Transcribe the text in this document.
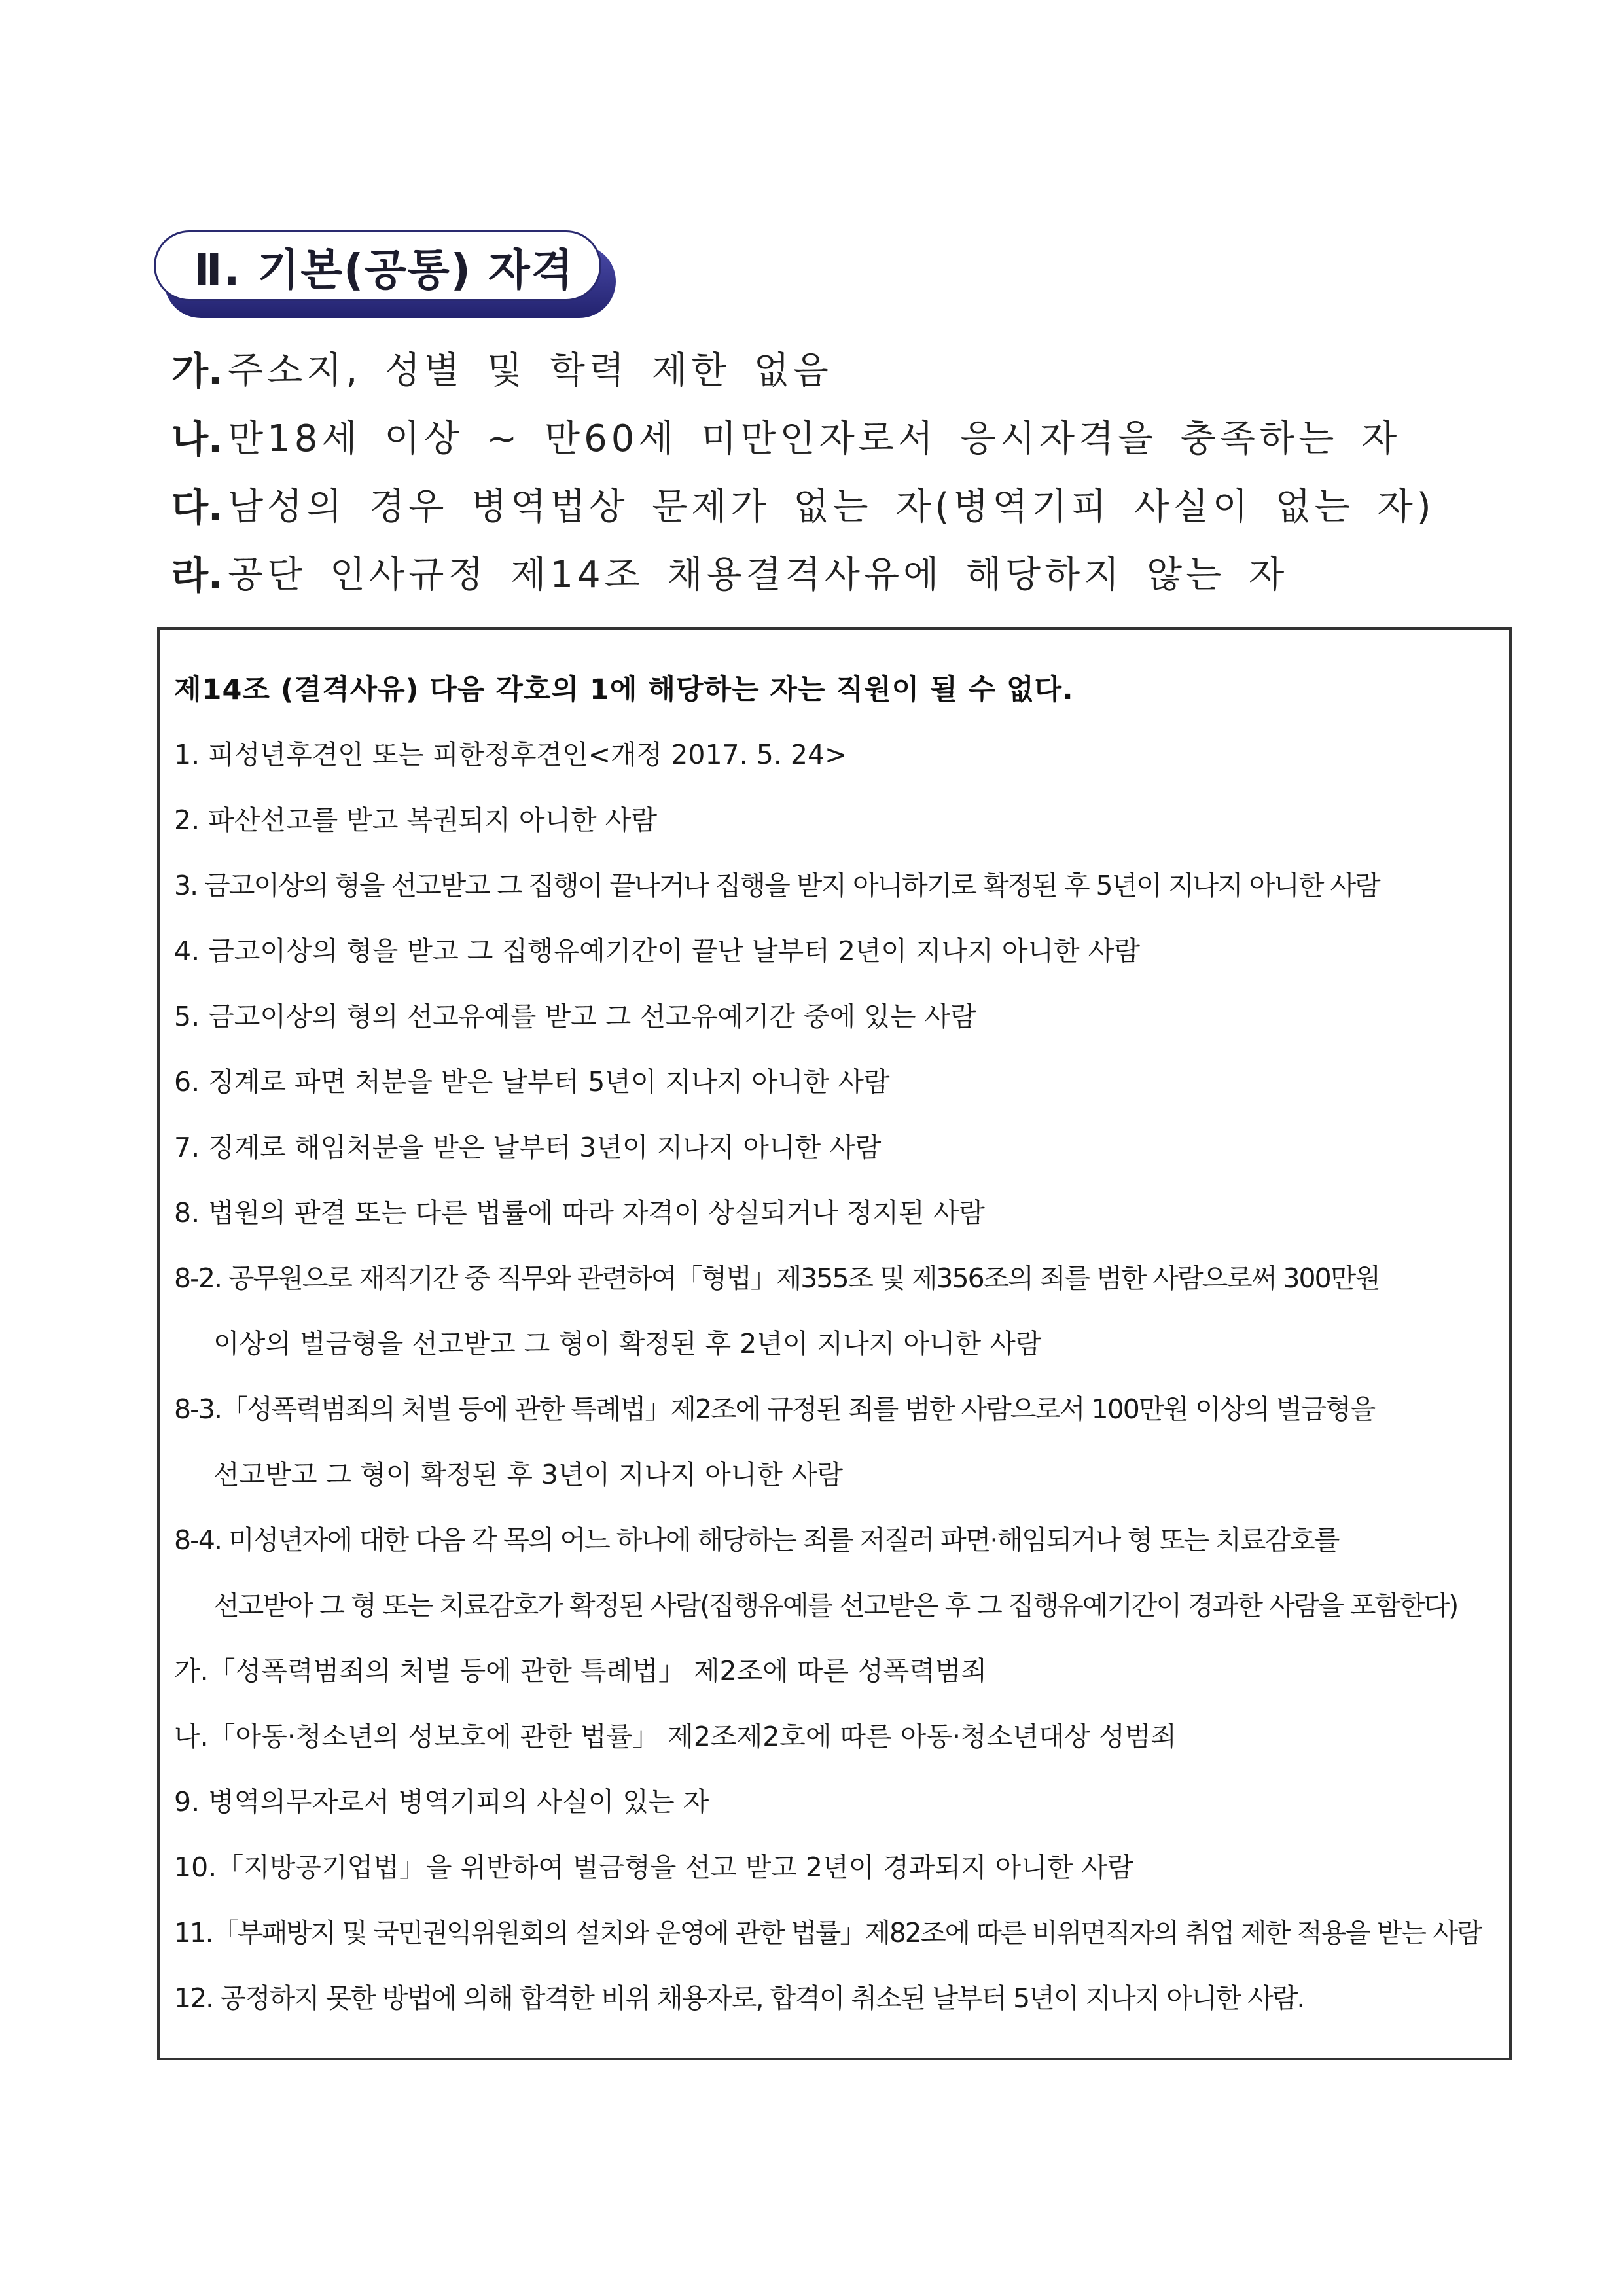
Ⅱ. 기본(공통) 자격
가. 주소지, 성별 및 학력 제한 없음
나. 만18세 이상 ~ 만60세 미만인자로서 응시자격을 충족하는 자
다. 남성의 경우 병역법상 문제가 없는 자(병역기피 사실이 없는 자)
라. 공단 인사규정 제14조 채용결격사유에 해당하지 않는 자
제14조 (결격사유) 다음 각호의 1에 해당하는 자는 직원이 될 수 없다.
1. 피성년후견인 또는 피한정후견인<개정 2017. 5. 24>
2. 파산선고를 받고 복권되지 아니한 사람
3. 금고이상의 형을 선고받고 그 집행이 끝나거나 집행을 받지 아니하기로 확정된 후 5년이 지나지 아니한 사람
4. 금고이상의 형을 받고 그 집행유예기간이 끝난 날부터 2년이 지나지 아니한 사람
5. 금고이상의 형의 선고유예를 받고 그 선고유예기간 중에 있는 사람
6. 징계로 파면 처분을 받은 날부터 5년이 지나지 아니한 사람
7. 징계로 해임처분을 받은 날부터 3년이 지나지 아니한 사람
8. 법원의 판결 또는 다른 법률에 따라 자격이 상실되거나 정지된 사람
8-2. 공무원으로 재직기간 중 직무와 관련하여「형법」제355조 및 제356조의 죄를 범한 사람으로써 300만원
이상의 벌금형을 선고받고 그 형이 확정된 후 2년이 지나지 아니한 사람
8-3.「성폭력범죄의 처벌 등에 관한 특례법」제2조에 규정된 죄를 범한 사람으로서 100만원 이상의 벌금형을
선고받고 그 형이 확정된 후 3년이 지나지 아니한 사람
8-4. 미성년자에 대한 다음 각 목의 어느 하나에 해당하는 죄를 저질러 파면·해임되거나 형 또는 치료감호를
선고받아 그 형 또는 치료감호가 확정된 사람(집행유예를 선고받은 후 그 집행유예기간이 경과한 사람을 포함한다)
가.「성폭력범죄의 처벌 등에 관한 특례법」 제2조에 따른 성폭력범죄
나.「아동·청소년의 성보호에 관한 법률」 제2조제2호에 따른 아동·청소년대상 성범죄
9. 병역의무자로서 병역기피의 사실이 있는 자
10.「지방공기업법」을 위반하여 벌금형을 선고 받고 2년이 경과되지 아니한 사람
11.「부패방지 및 국민권익위원회의 설치와 운영에 관한 법률」제82조에 따른 비위면직자의 취업 제한 적용을 받는 사람
12. 공정하지 못한 방법에 의해 합격한 비위 채용자로, 합격이 취소된 날부터 5년이 지나지 아니한 사람.
